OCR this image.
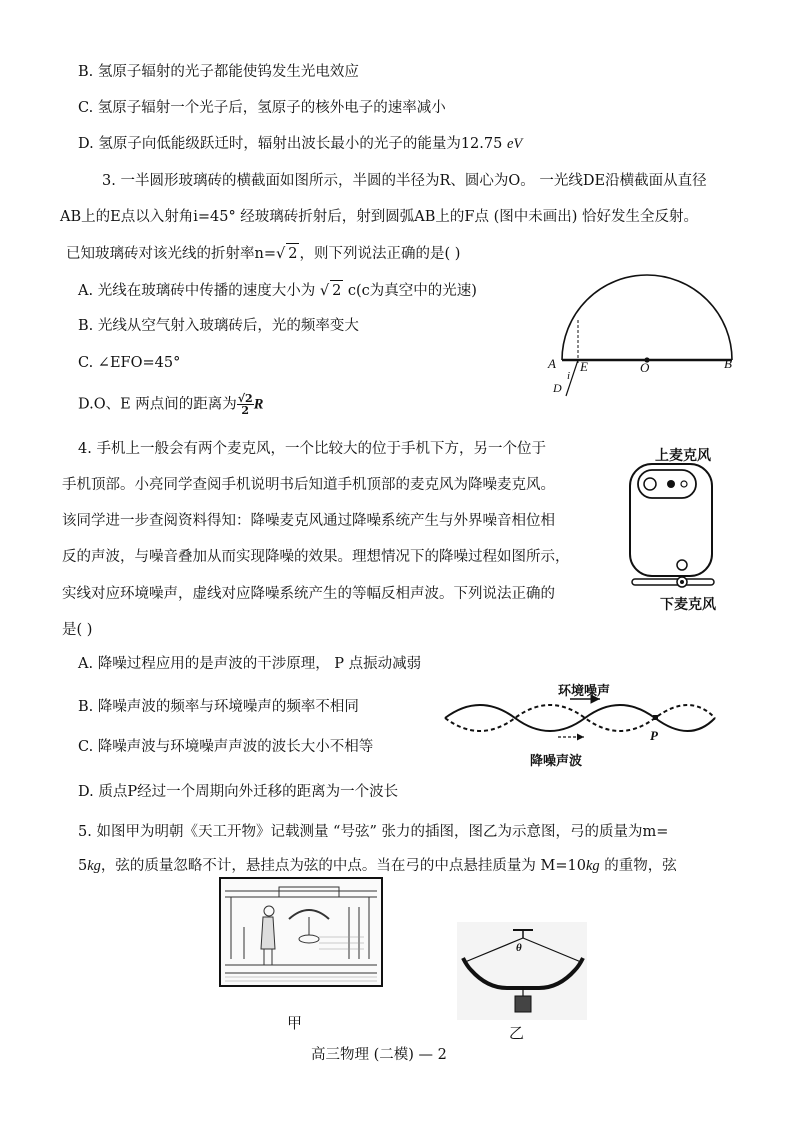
B. 氢原子辐射的光子都能使钨发生光电效应
C. 氢原子辐射一个光子后，氢原子的核外电子的速率减小
D. 氢原子向低能级跃迁时，辐射出波长最小的光子的能量为12.75 eV
3. 一半圆形玻璃砖的横截面如图所示，半圆的半径为R、圆心为O。 一光线DE沿横截面从直径
AB上的E点以入射角i=45° 经玻璃砖折射后，射到圆弧AB上的F点 (图中未画出) 恰好发生全反射。
已知玻璃砖对该光线的折射率n=√ 2 ，则下列说法正确的是( )
A. 光线在玻璃砖中传播的速度大小为 √ 2 c(c为真空中的光速)
B. 光线从空气射入玻璃砖后，光的频率变大
C. ∠EFO=45°
D.O、E 两点间的距离为 $\frac{√2}{2}$ R
A E	O	B
i
D
4. 手机上一般会有两个麦克风，一个比较大的位于手机下方，另一个位于
手机顶部。小亮同学查阅手机说明书后知道手机顶部的麦克风为降噪麦克风。
该同学进一步查阅资料得知：降噪麦克风通过降噪系统产生与外界噪音相位相
反的声波，与噪音叠加从而实现降噪的效果。理想情况下的降噪过程如图所示，
实线对应环境噪声，虚线对应降噪系统产生的等幅反相声波。下列说法正确的
是( )
A. 降噪过程应用的是声波的干涉原理， P 点振动减弱
B. 降噪声波的频率与环境噪声的频率不相同
C. 降噪声波与环境噪声声波的波长大小不相等
D. 质点P经过一个周期向外迁移的距离为一个波长
上麦克风
下麦克风
环境噪声
P
降噪声波
5. 如图甲为明朝《天工开物》记载测量 “号弦” 张力的插图，图乙为示意图，弓的质量为m=
5kg，弦的质量忽略不计，悬挂点为弦的中点。当在弓的中点悬挂质量为 M=10kg 的重物，弦
甲
θ
乙
高三物理 (二模) — 2
